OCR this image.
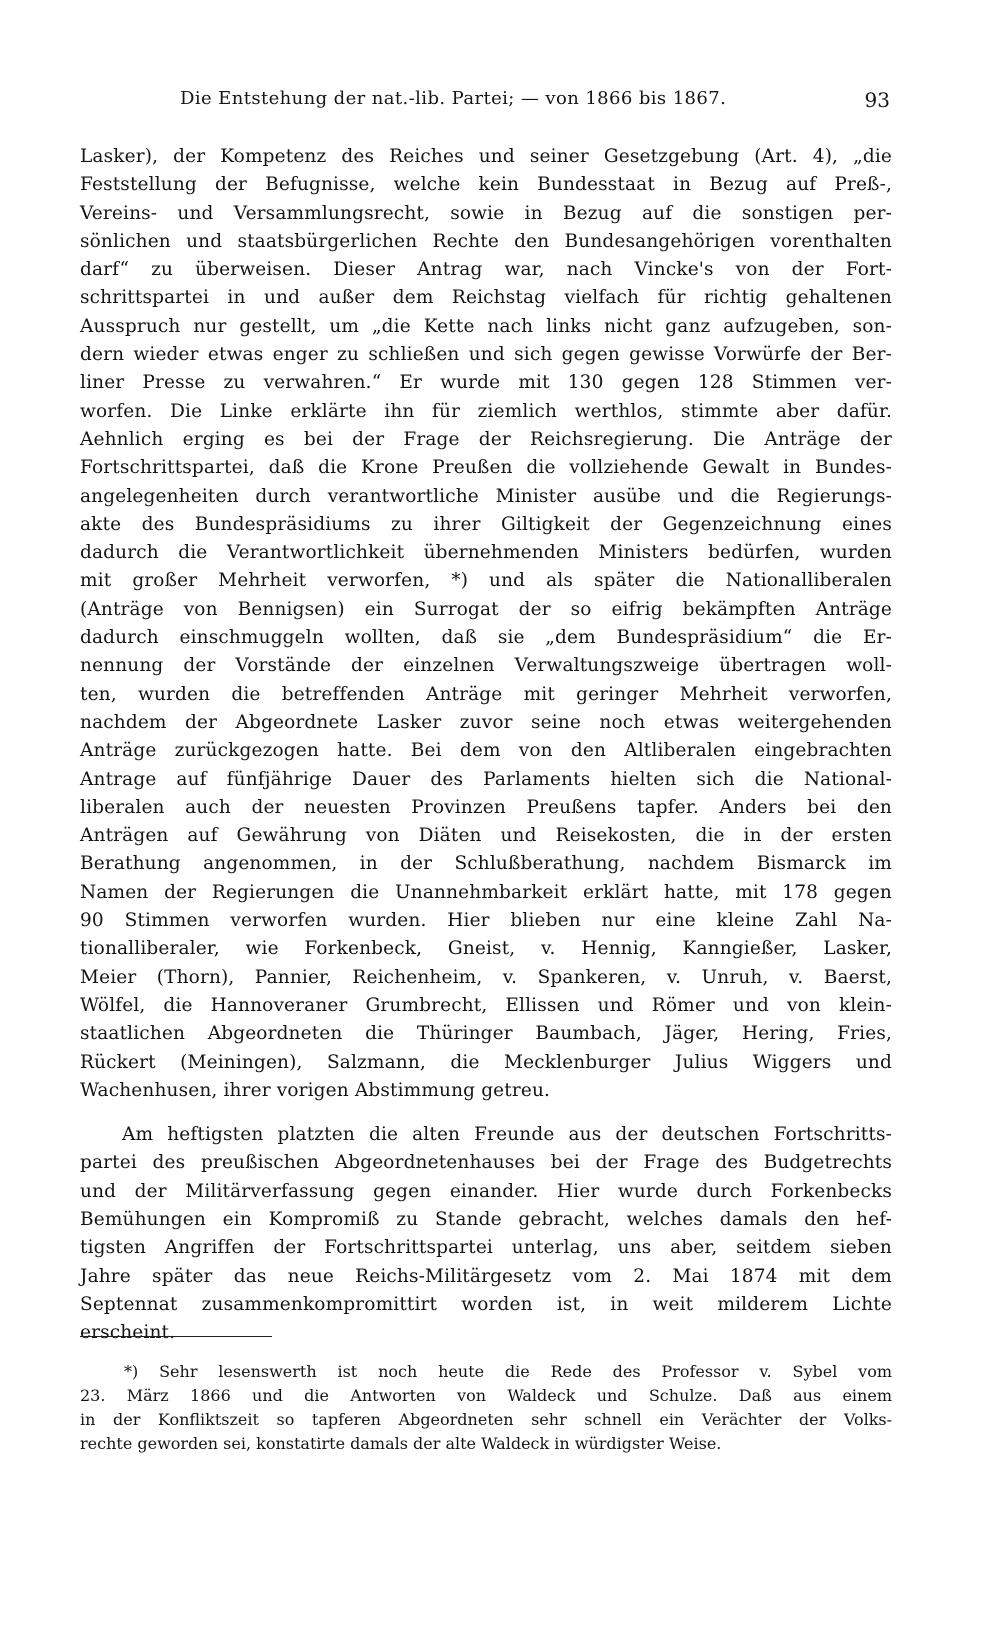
Die Entstehung der nat.-lib. Partei; — von 1866 bis 1867.	93
Lasker), der Kompetenz des Reiches und seiner Gesetzgebung (Art. 4), „die
Feststellung der Befugnisse, welche kein Bundesstaat in Bezug auf Preß-,
Vereins- und Versammlungsrecht, sowie in Bezug auf die sonstigen per-
sönlichen und staatsbürgerlichen Rechte den Bundesangehörigen vorenthalten
darf“ zu überweisen. Dieser Antrag war, nach Vincke's von der Fort-
schrittspartei in und außer dem Reichstag vielfach für richtig gehaltenen
Ausspruch nur gestellt, um „die Kette nach links nicht ganz aufzugeben, son-
dern wieder etwas enger zu schließen und sich gegen gewisse Vorwürfe der Ber-
liner Presse zu verwahren.“ Er wurde mit 130 gegen 128 Stimmen ver-
worfen. Die Linke erklärte ihn für ziemlich werthlos, stimmte aber dafür.
Aehnlich erging es bei der Frage der Reichsregierung. Die Anträge der
Fortschrittspartei, daß die Krone Preußen die vollziehende Gewalt in Bundes-
angelegenheiten durch verantwortliche Minister ausübe und die Regierungs-
akte des Bundespräsidiums zu ihrer Giltigkeit der Gegenzeichnung eines
dadurch die Verantwortlichkeit übernehmenden Ministers bedürfen, wurden
mit großer Mehrheit verworfen, *) und als später die Nationalliberalen
(Anträge von Bennigsen) ein Surrogat der so eifrig bekämpften Anträge
dadurch einschmuggeln wollten, daß sie „dem Bundespräsidium“ die Er-
nennung der Vorstände der einzelnen Verwaltungszweige übertragen woll-
ten, wurden die betreffenden Anträge mit geringer Mehrheit verworfen,
nachdem der Abgeordnete Lasker zuvor seine noch etwas weitergehenden
Anträge zurückgezogen hatte. Bei dem von den Altliberalen eingebrachten
Antrage auf fünfjährige Dauer des Parlaments hielten sich die National-
liberalen auch der neuesten Provinzen Preußens tapfer. Anders bei den
Anträgen auf Gewährung von Diäten und Reisekosten, die in der ersten
Berathung angenommen, in der Schlußberathung, nachdem Bismarck im
Namen der Regierungen die Unannehmbarkeit erklärt hatte, mit 178 gegen
90 Stimmen verworfen wurden. Hier blieben nur eine kleine Zahl Na-
tionalliberaler, wie Forkenbeck, Gneist, v. Hennig, Kanngießer, Lasker,
Meier (Thorn), Pannier, Reichenheim, v. Spankeren, v. Unruh, v. Baerst,
Wölfel, die Hannoveraner Grumbrecht, Ellissen und Römer und von klein-
staatlichen Abgeordneten die Thüringer Baumbach, Jäger, Hering, Fries,
Rückert (Meiningen), Salzmann, die Mecklenburger Julius Wiggers und
Wachenhusen, ihrer vorigen Abstimmung getreu.
Am heftigsten platzten die alten Freunde aus der deutschen Fortschritts-
partei des preußischen Abgeordnetenhauses bei der Frage des Budgetrechts
und der Militärverfassung gegen einander. Hier wurde durch Forkenbecks
Bemühungen ein Kompromiß zu Stande gebracht, welches damals den hef-
tigsten Angriffen der Fortschrittspartei unterlag, uns aber, seitdem sieben
Jahre später das neue Reichs-Militärgesetz vom 2. Mai 1874 mit dem
Septennat zusammenkompromittirt worden ist, in weit milderem Lichte
erscheint.
*) Sehr lesenswerth ist noch heute die Rede des Professor v. Sybel vom
23. März 1866 und die Antworten von Waldeck und Schulze. Daß aus einem
in der Konfliktszeit so tapferen Abgeordneten sehr schnell ein Verächter der Volks-
rechte geworden sei, konstatirte damals der alte Waldeck in würdigster Weise.
